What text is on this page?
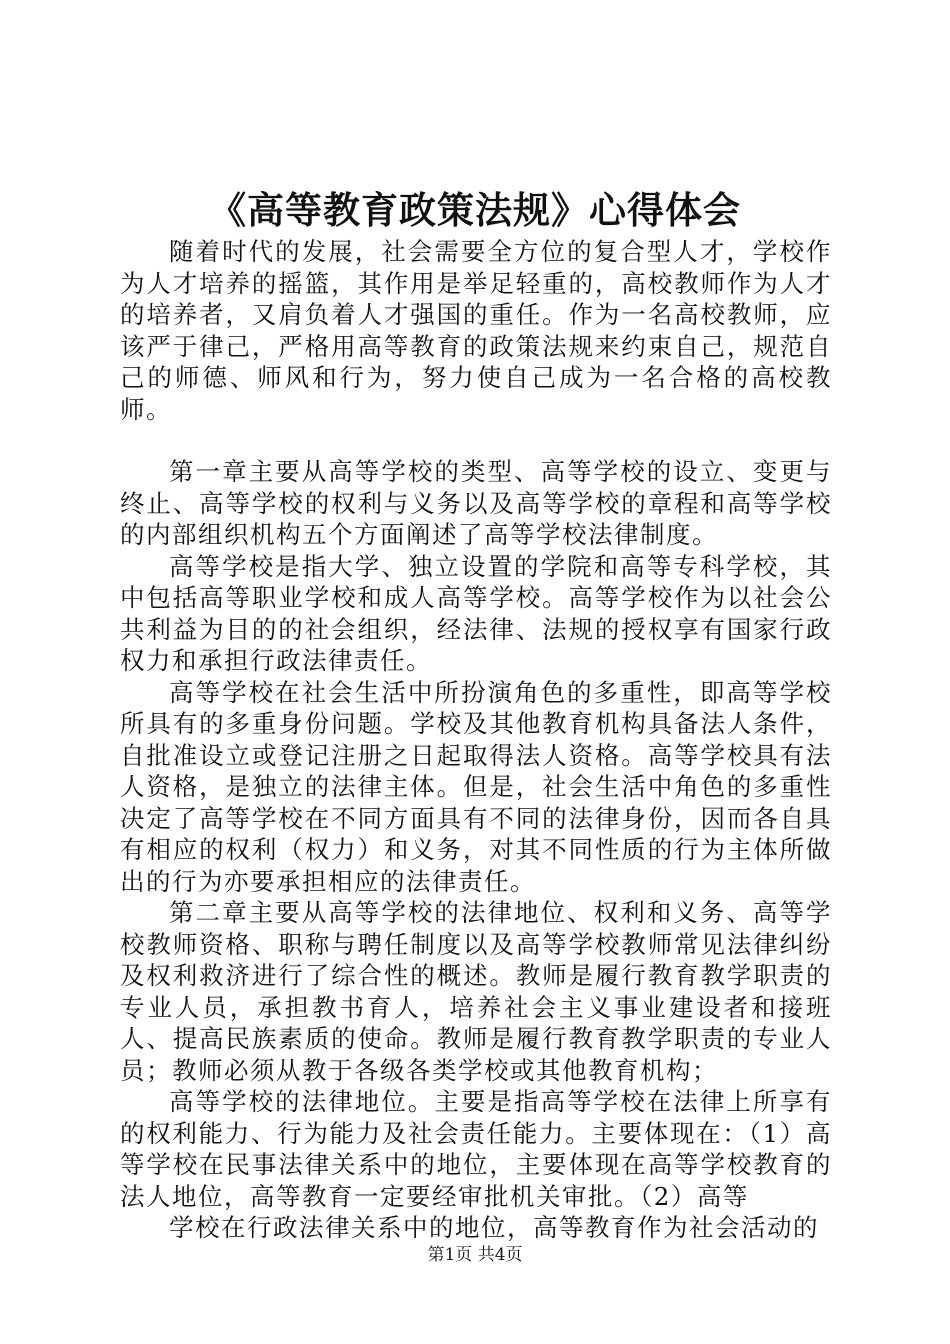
《高等教育政策法规》心得体会

随着时代的发展，社会需要全方位的复合型人才，学校作为人才培养的摇篮，其作用是举足轻重的，高校教师作为人才的培养者，又肩负着人才强国的重任。作为一名高校教师，应该严于律己，严格用高等教育的政策法规来约束自己，规范自己的师德、师风和行为，努力使自己成为一名合格的高校教师。

第一章主要从高等学校的类型、高等学校的设立、变更与终止、高等学校的权利与义务以及高等学校的章程和高等学校的内部组织机构五个方面阐述了高等学校法律制度。

高等学校是指大学、独立设置的学院和高等专科学校，其中包括高等职业学校和成人高等学校。高等学校作为以社会公共利益为目的的社会组织，经法律、法规的授权享有国家行政权力和承担行政法律责任。

高等学校在社会生活中所扮演角色的多重性，即高等学校所具有的多重身份问题。学校及其他教育机构具备法人条件，自批准设立或登记注册之日起取得法人资格。高等学校具有法人资格，是独立的法律主体。但是，社会生活中角色的多重性决定了高等学校在不同方面具有不同的法律身份，因而各自具有相应的权利（权力）和义务，对其不同性质的行为主体所做出的行为亦要承担相应的法律责任。

第二章主要从高等学校的法律地位、权利和义务、高等学校教师资格、职称与聘任制度以及高等学校教师常见法律纠纷及权利救济进行了综合性的概述。教师是履行教育教学职责的专业人员，承担教书育人，培养社会主义事业建设者和接班人、提高民族素质的使命。教师是履行教育教学职责的专业人员；教师必须从教于各级各类学校或其他教育机构；

高等学校的法律地位。主要是指高等学校在法律上所享有的权利能力、行为能力及社会责任能力。主要体现在：（1）高等学校在民事法律关系中的地位，主要体现在高等学校教育的法人地位，高等教育一定要经审批机关审批。（2）高等

学校在行政法律关系中的地位，高等教育作为社会活动的

第1页 共4页
